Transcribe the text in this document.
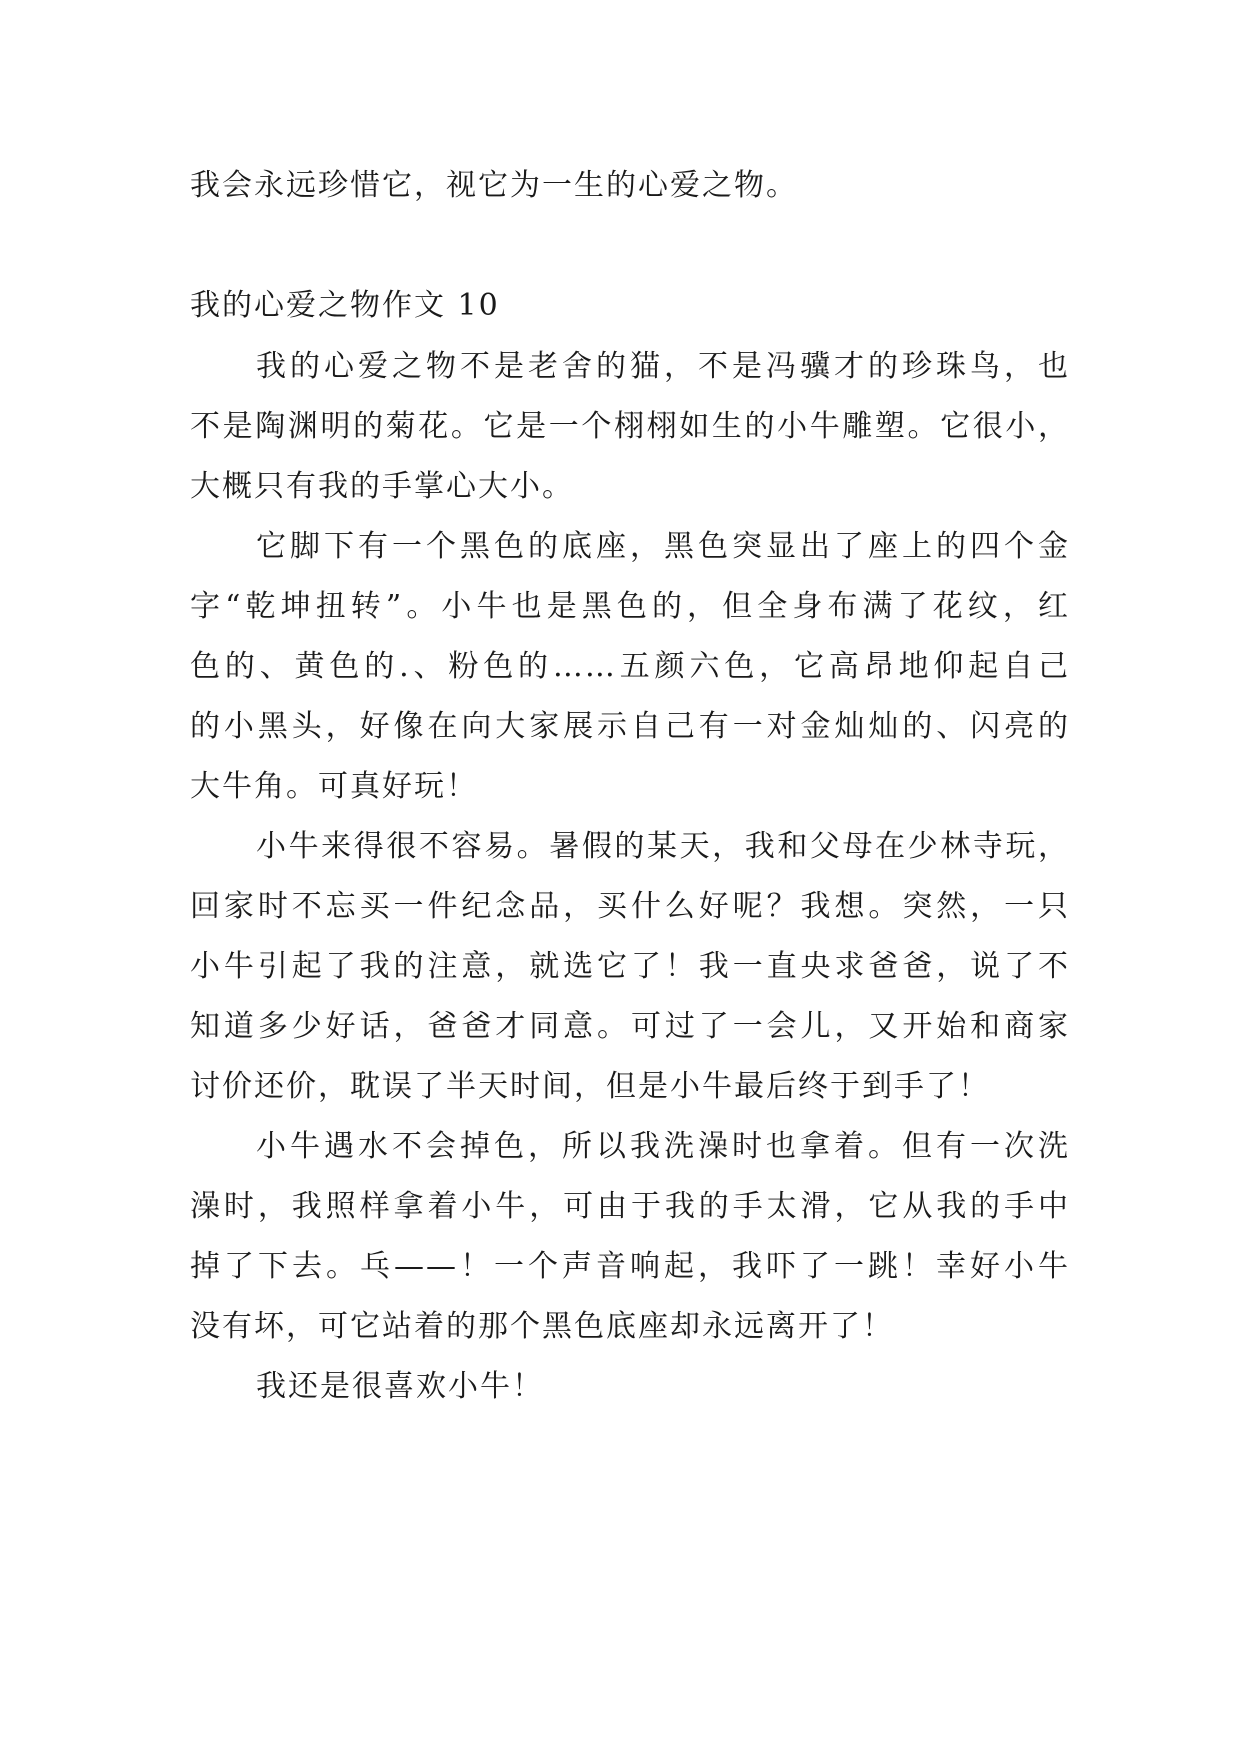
我会永远珍惜它，视它为一生的心爱之物。
我的心爱之物作文 10
我的心爱之物不是老舍的猫，不是冯骥才的珍珠鸟，也
不是陶渊明的菊花。它是一个栩栩如生的小牛雕塑。它很小，
大概只有我的手掌心大小。
它脚下有一个黑色的底座，黑色突显出了座上的四个金
字“乾坤扭转”。小牛也是黑色的，但全身布满了花纹，红
色的、黄色的.、粉色的……五颜六色，它高昂地仰起自己
的小黑头，好像在向大家展示自己有一对金灿灿的、闪亮的
大牛角。可真好玩！
小牛来得很不容易。暑假的某天，我和父母在少林寺玩，
回家时不忘买一件纪念品，买什么好呢？我想。突然，一只
小牛引起了我的注意，就选它了！我一直央求爸爸，说了不
知道多少好话，爸爸才同意。可过了一会儿，又开始和商家
讨价还价，耽误了半天时间，但是小牛最后终于到手了！
小牛遇水不会掉色，所以我洗澡时也拿着。但有一次洗
澡时，我照样拿着小牛，可由于我的手太滑，它从我的手中
掉了下去。乓——！一个声音响起，我吓了一跳！幸好小牛
没有坏，可它站着的那个黑色底座却永远离开了！
我还是很喜欢小牛！
